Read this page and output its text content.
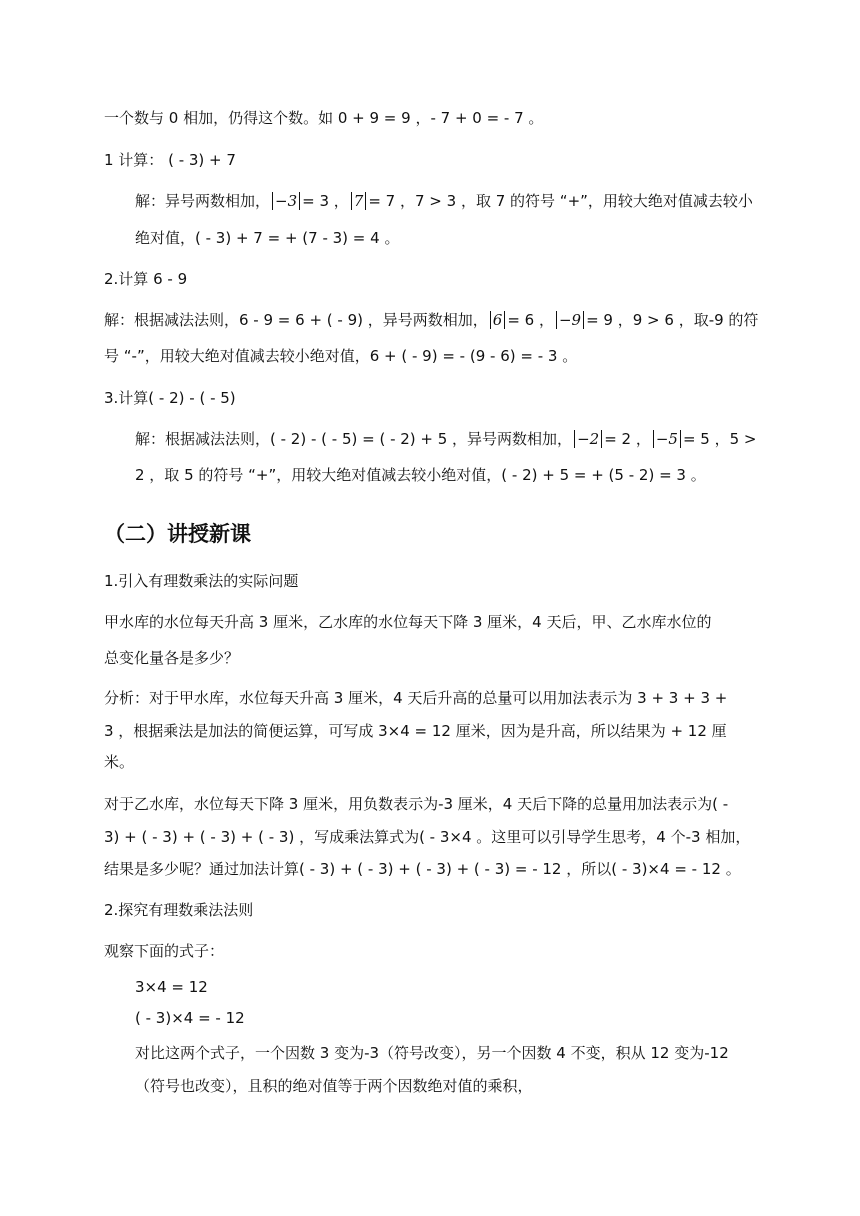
一个数与 0 相加，仍得这个数。如 0 + 9 = 9 ，- 7 + 0 = - 7 。
1 计算： ( - 3) + 7
解：异号两数相加， −3 = 3 ， 7 = 7 ，7 > 3 ，取 7 的符号 “+”，用较大绝对值减去较小
绝对值，( - 3) + 7 = + (7 - 3) = 4 。
2.计算 6 - 9
解：根据减法法则，6 - 9 = 6 + ( - 9) ，异号两数相加， 6 = 6 ， −9 = 9 ，9 > 6 ，取-9 的符
号 “-”，用较大绝对值减去较小绝对值，6 + ( - 9) = - (9 - 6) = - 3 。
3.计算( - 2) - ( - 5)
解：根据减法法则，( - 2) - ( - 5) = ( - 2) + 5 ，异号两数相加， −2 = 2 ， −5 = 5 ，5 >
2 ，取 5 的符号 “+”，用较大绝对值减去较小绝对值，( - 2) + 5 = + (5 - 2) = 3 。
（二）讲授新课
1.引入有理数乘法的实际问题
甲水库的水位每天升高 3 厘米，乙水库的水位每天下降 3 厘米，4 天后，甲、乙水库水位的
总变化量各是多少？
分析：对于甲水库，水位每天升高 3 厘米，4 天后升高的总量可以用加法表示为 3 + 3 + 3 +
3 ，根据乘法是加法的简便运算，可写成 3×4 = 12 厘米，因为是升高，所以结果为 + 12 厘
米。
对于乙水库，水位每天下降 3 厘米，用负数表示为-3 厘米，4 天后下降的总量用加法表示为( -
3) + ( - 3) + ( - 3) + ( - 3) ，写成乘法算式为( - 3×4 。这里可以引导学生思考，4 个-3 相加，
结果是多少呢？通过加法计算( - 3) + ( - 3) + ( - 3) + ( - 3) = - 12 ，所以( - 3)×4 = - 12 。
2.探究有理数乘法法则
观察下面的式子：
3×4 = 12
( - 3)×4 = - 12
对比这两个式子，一个因数 3 变为-3（符号改变），另一个因数 4 不变，积从 12 变为-12
（符号也改变），且积的绝对值等于两个因数绝对值的乘积，
